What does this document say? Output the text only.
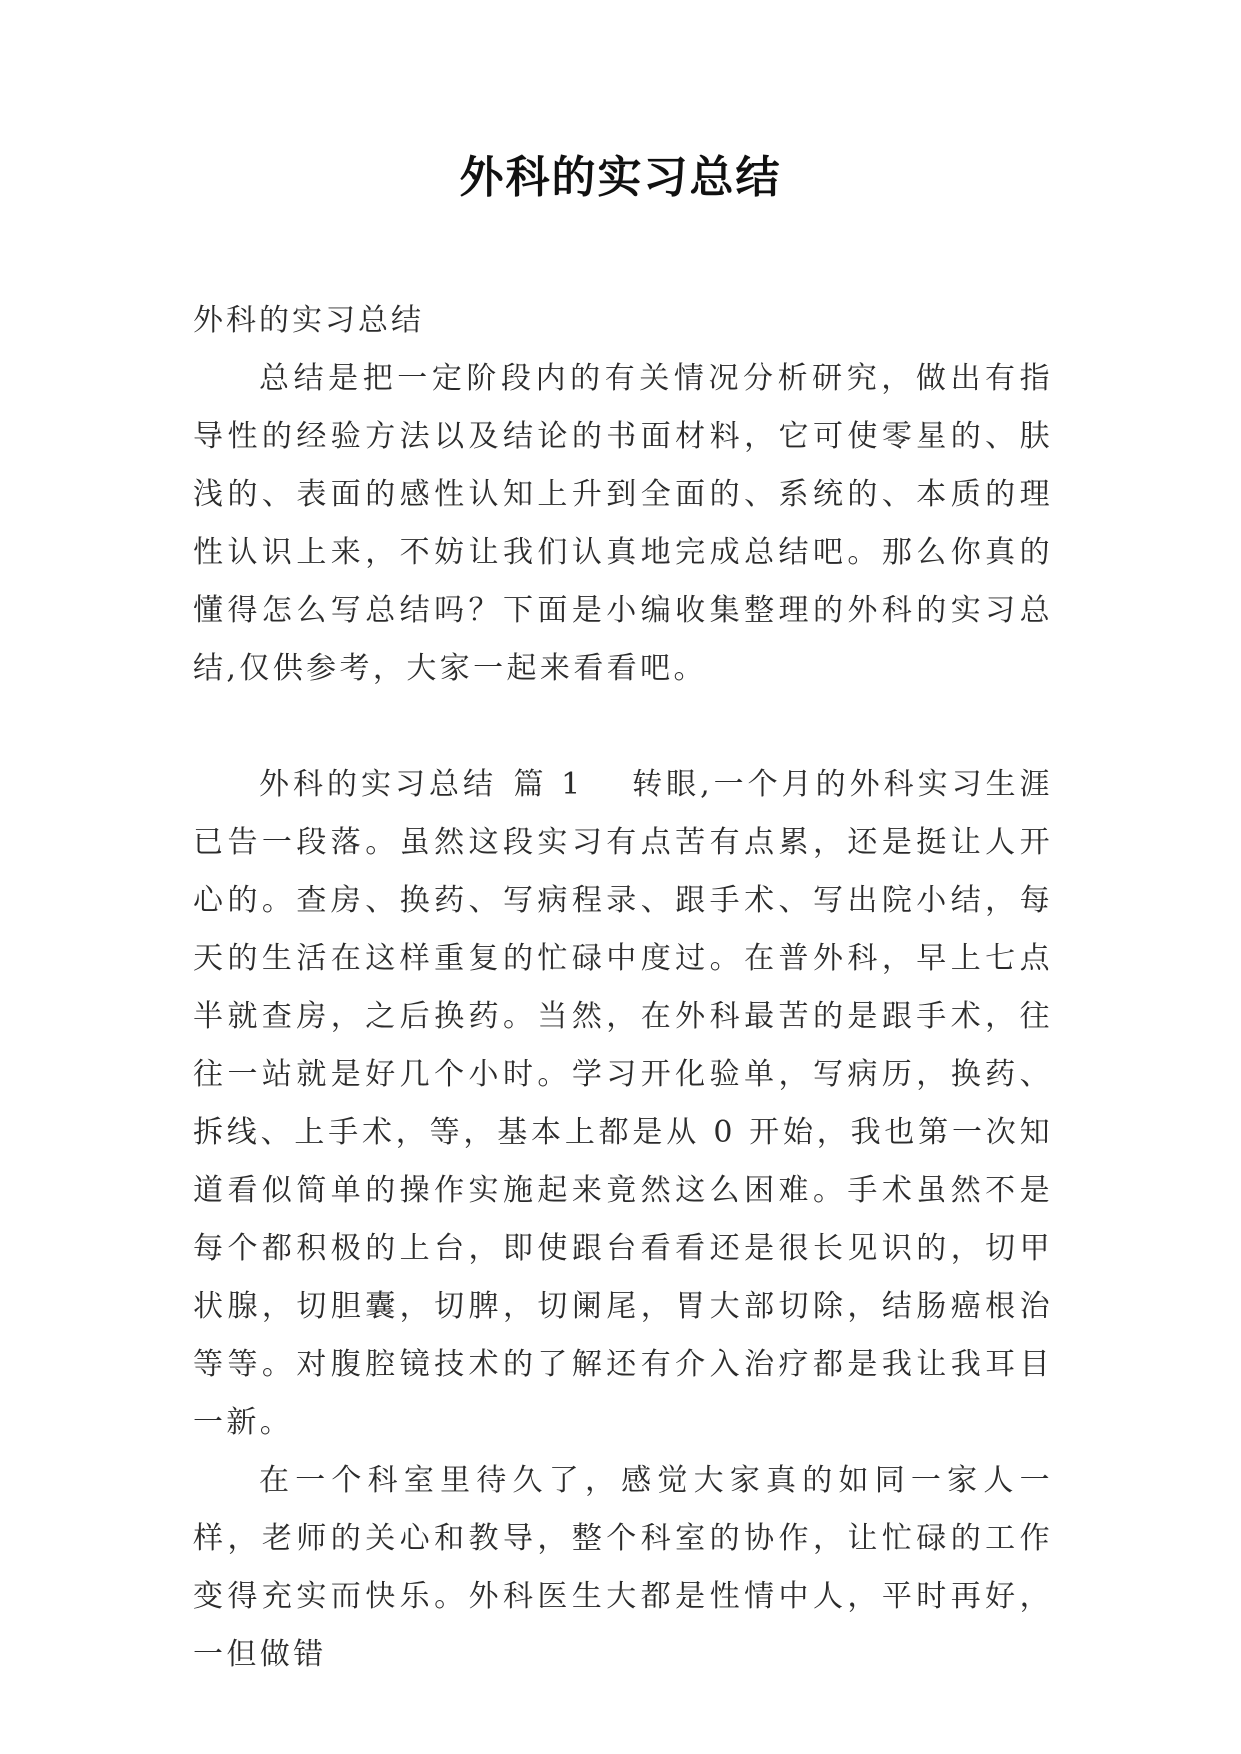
外科的实习总结

外科的实习总结

总结是把一定阶段内的有关情况分析研究，做出有指导性的经验方法以及结论的书面材料，它可使零星的、肤浅的、表面的感性认知上升到全面的、系统的、本质的理性认识上来，不妨让我们认真地完成总结吧。那么你真的懂得怎么写总结吗？下面是小编收集整理的外科的实习总结,仅供参考，大家一起来看看吧。

外科的实习总结 篇 1 转眼,一个月的外科实习生涯已告一段落。虽然这段实习有点苦有点累，还是挺让人开心的。查房、换药、写病程录、跟手术、写出院小结，每天的生活在这样重复的忙碌中度过。在普外科，早上七点半就查房，之后换药。当然，在外科最苦的是跟手术，往往一站就是好几个小时。学习开化验单，写病历，换药、拆线、上手术，等，基本上都是从 0 开始，我也第一次知道看似简单的操作实施起来竟然这么困难。手术虽然不是每个都积极的上台，即使跟台看看还是很长见识的，切甲状腺，切胆囊，切脾，切阑尾，胃大部切除，结肠癌根治等等。对腹腔镜技术的了解还有介入治疗都是我让我耳目一新。

在一个科室里待久了，感觉大家真的如同一家人一样，老师的关心和教导，整个科室的协作，让忙碌的工作变得充实而快乐。外科医生大都是性情中人，平时再好，一但做错
